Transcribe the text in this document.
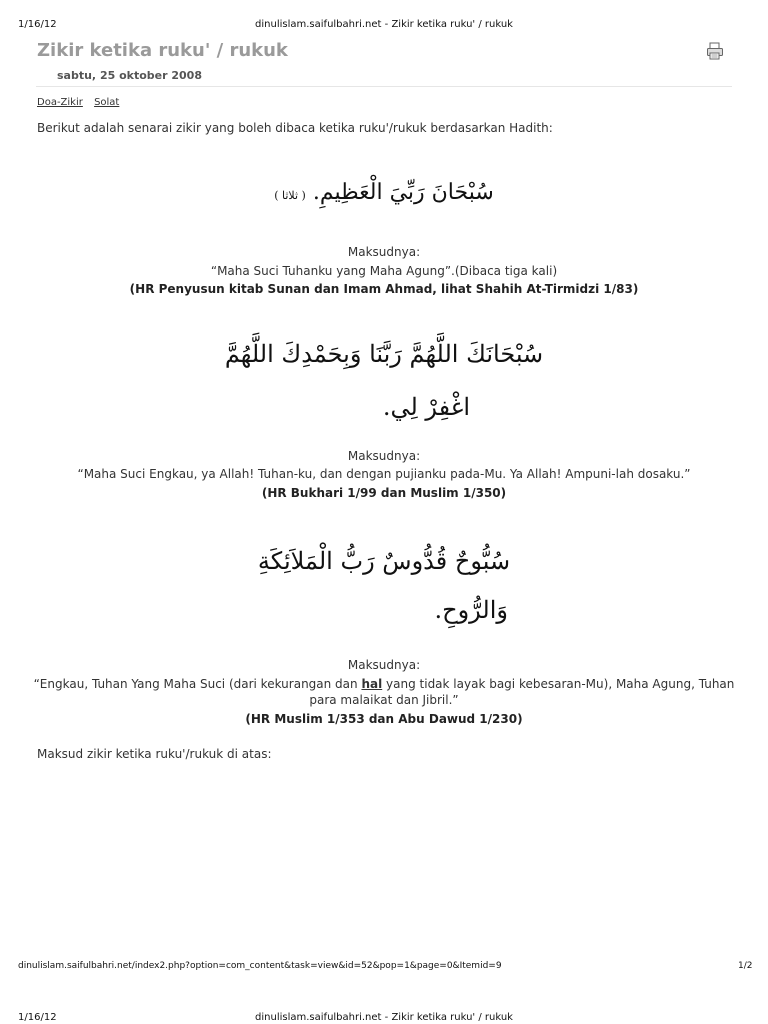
1/16/12	dinulislam.saifulbahri.net - Zikir ketika ruku' / rukuk
Zikir ketika ruku' / rukuk
sabtu, 25 oktober 2008
Doa-Zikir Solat
Berikut adalah senarai zikir yang boleh dibaca ketika ruku'/rukuk berdasarkan Hadith:
سُبْحَانَ رَبِّيَ الْعَظِيمِ. ( ثلاثا )
Maksudnya:
“Maha Suci Tuhanku yang Maha Agung”.(Dibaca tiga kali)
(HR Penyusun kitab Sunan dan Imam Ahmad, lihat Shahih At-Tirmidzi 1/83)
سُبْحَانَكَ اللَّهُمَّ رَبَّنَا وَبِحَمْدِكَ اللَّهُمَّ
اغْفِرْ لِي.
Maksudnya:
“Maha Suci Engkau, ya Allah! Tuhan-ku, dan dengan pujianku pada-Mu. Ya Allah! Ampuni-lah dosaku.”
(HR Bukhari 1/99 dan Muslim 1/350)
سُبُّوحٌ قُدُّوسٌ رَبُّ الْمَلاَئِكَةِ
وَالرُّوحِ.
Maksudnya:
“Engkau, Tuhan Yang Maha Suci (dari kekurangan dan hal yang tidak layak bagi kebesaran-Mu), Maha Agung, Tuhan
para malaikat dan Jibril.”
(HR Muslim 1/353 dan Abu Dawud 1/230)
Maksud zikir ketika ruku'/rukuk di atas:
dinulislam.saifulbahri.net/index2.php?option=com_content&task=view&id=52&pop=1&page=0&Itemid=9	1/2
1/16/12	dinulislam.saifulbahri.net - Zikir ketika ruku' / rukuk
